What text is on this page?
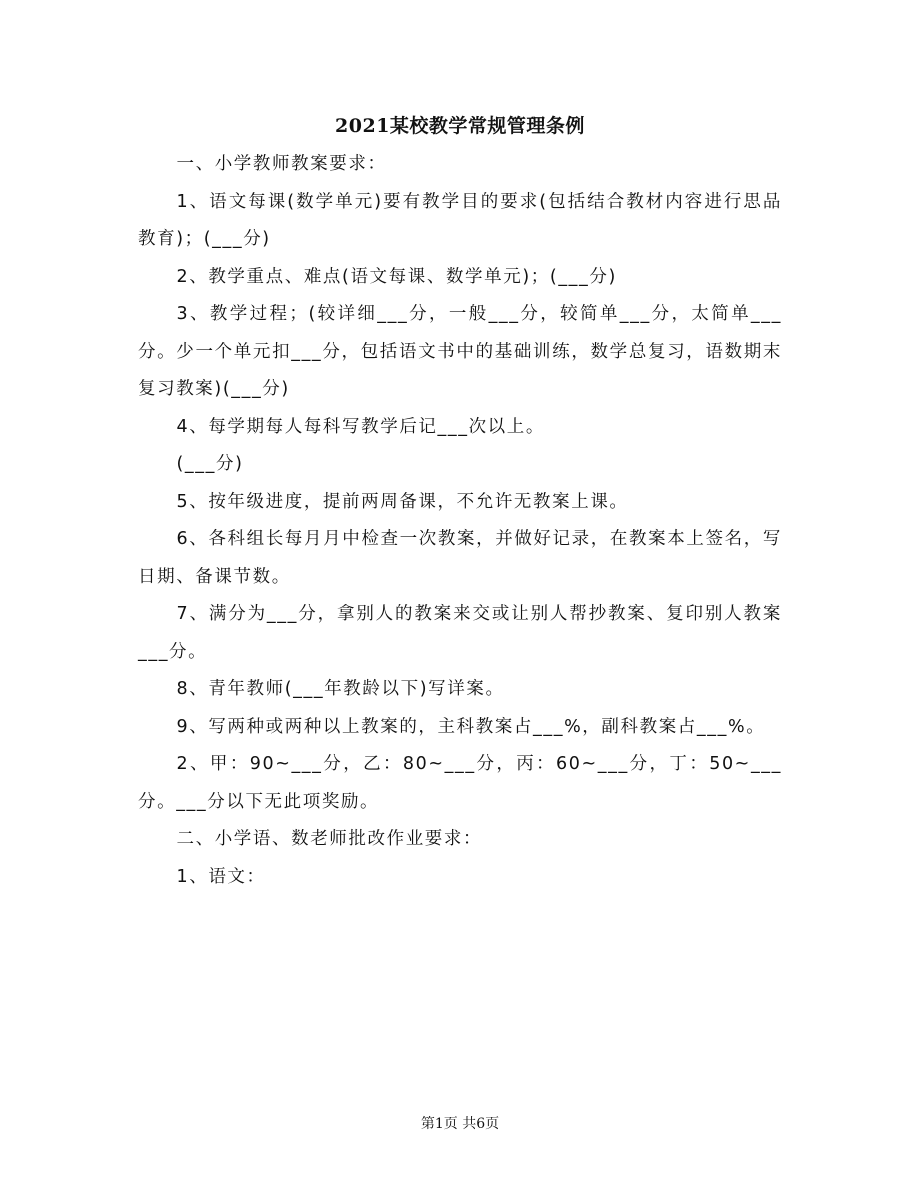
2021某校教学常规管理条例

一、小学教师教案要求：

1、语文每课(数学单元)要有教学目的要求(包括结合教材内容进行思品教育)；(___分)

2、教学重点、难点(语文每课、数学单元)；(___分)

3、教学过程；(较详细___分，一般___分，较简单___分，太简单___分。少一个单元扣___分，包括语文书中的基础训练，数学总复习，语数期末复习教案)(___分)

4、每学期每人每科写教学后记___次以上。

(___分)

5、按年级进度，提前两周备课，不允许无教案上课。

6、各科组长每月月中检查一次教案，并做好记录，在教案本上签名，写日期、备课节数。

7、满分为___分，拿别人的教案来交或让别人帮抄教案、复印别人教案___分。

8、青年教师(___年教龄以下)写详案。

9、写两种或两种以上教案的，主科教案占___%，副科教案占___%。

2、甲：90~___分，乙：80~___分，丙：60~___分，丁：50~___分。___分以下无此项奖励。

二、小学语、数老师批改作业要求：

1、语文：

第1页 共6页
